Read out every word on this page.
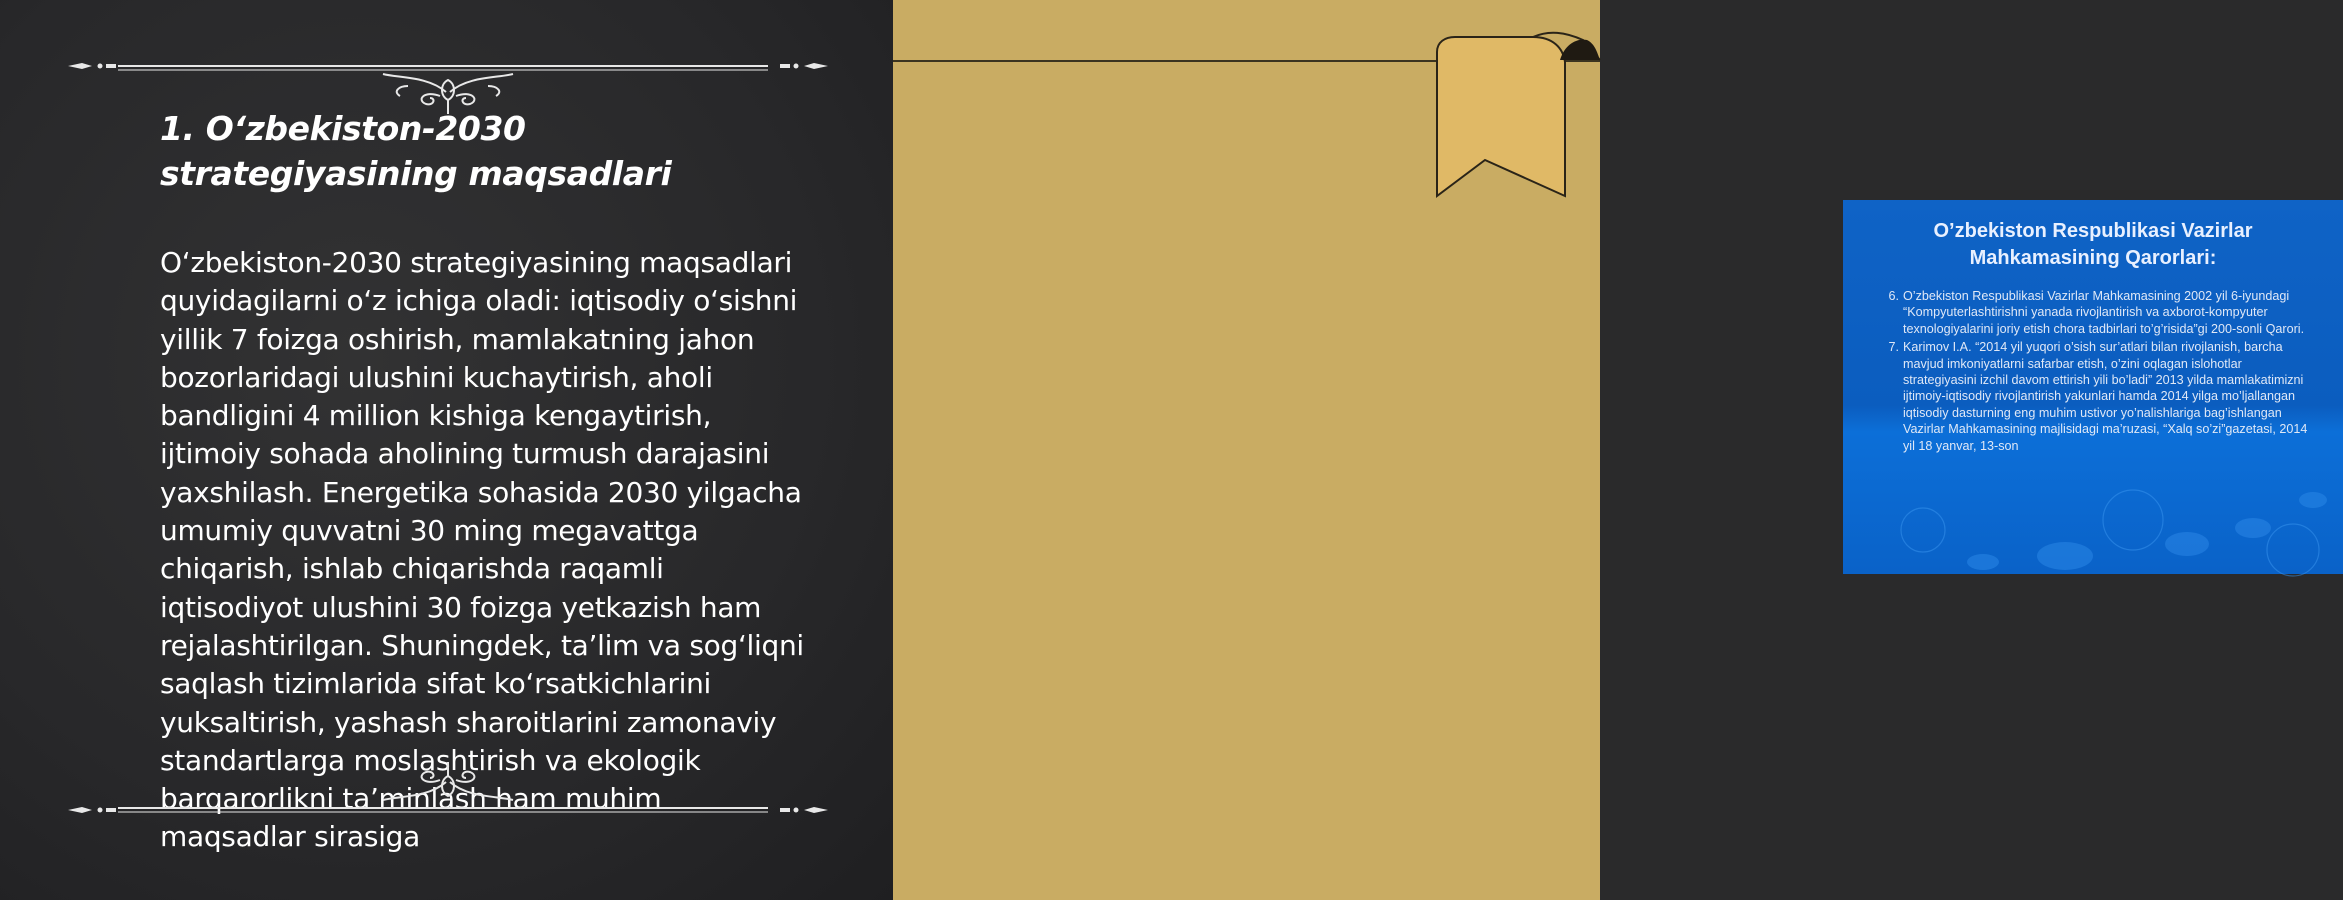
1. O‘zbekiston-2030 strategiyasining maqsadlari

O‘zbekiston-2030 strategiyasining maqsadlari quyidagilarni o‘z ichiga oladi: iqtisodiy o‘sishni yillik 7 foizga oshirish, mamlakatning jahon bozorlaridagi ulushini kuchaytirish, aholi bandligini 4 million kishiga kengaytirish, ijtimoiy sohada aholining turmush darajasini yaxshilash. Energetika sohasida 2030 yilgacha umumiy quvvatni 30 ming megavattga chiqarish, ishlab chiqarishda raqamli iqtisodiyot ulushini 30 foizga yetkazish ham rejalashtirilgan. Shuningdek, ta’lim va sog‘liqni saqlash tizimlarida sifat ko‘rsatkichlarini yuksaltirish, yashash sharoitlarini zamonaviy standartlarga moslashtirish va ekologik barqarorlikni ta’minlash ham muhim maqsadlar sirasiga

O’zbekiston Respublikasi Vazirlar Mahkamasining Qarorlari:
6. O’zbekiston Respublikasi Vazirlar Mahkamasining 2002 yil 6-iyundagi “Kompyuterlashtirishni yanada rivojlantirish va axborot-kompyuter texnologiyalarini joriy etish chora tadbirlari to’g’risida”gi 200-sonli Qarori.
7. Karimov I.A. “2014 yil yuqori o’sish sur’atlari bilan rivojlanish, barcha mavjud imkoniyatlarni safarbar etish, o’zini oqlagan islohotlar strategiyasini izchil davom ettirish yili bo’ladi” 2013 yilda mamlakatimizni ijtimoiy-iqtisodiy rivojlantirish yakunlari hamda 2014 yilga mo’ljallangan iqtisodiy dasturning eng muhim ustivor yo’nalishlariga bag’ishlangan Vazirlar Mahkamasining majlisidagi ma’ruzasi, “Xalq so’zi”gazetasi, 2014 yil 18 yanvar, 13-son
